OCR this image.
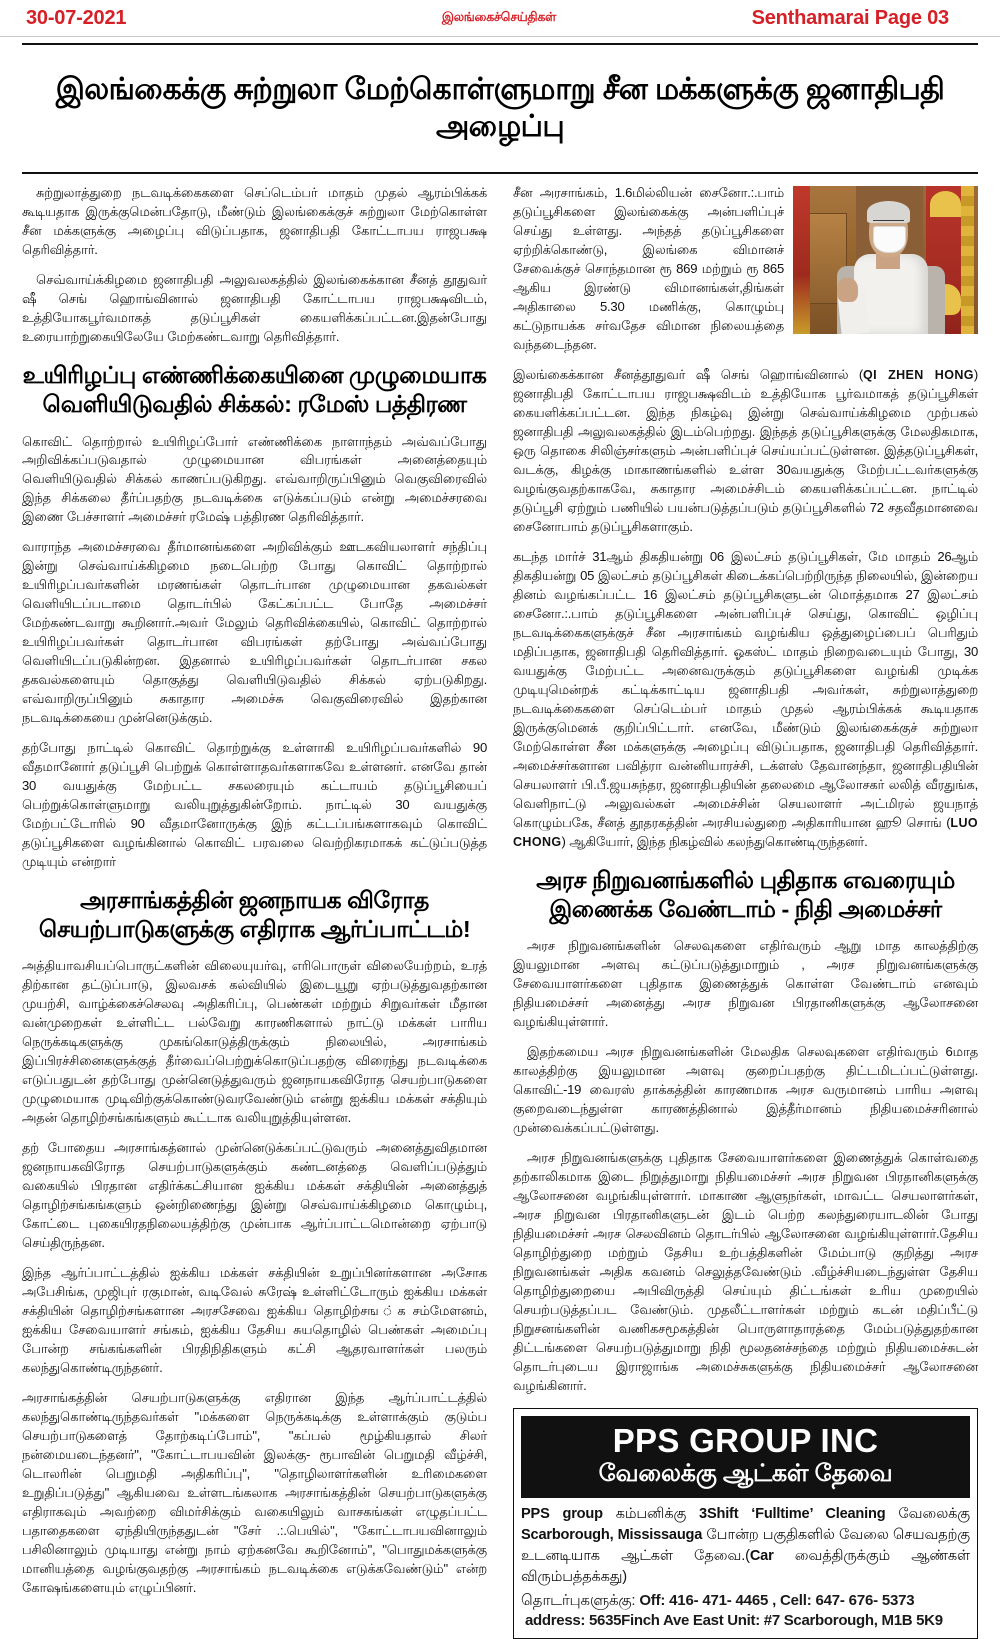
30-07-2021	இலங்கைச்செய்திகள்	Senthamarai Page 03
இலங்கைக்கு சுற்றுலா மேற்கொள்ளுமாறு சீன மக்களுக்கு ஜனாதிபதி அழைப்பு

சுற்றுலாத்துறை நடவடிக்கைகளை செப்டெம்பர் மாதம் முதல் ஆரம்பிக்கக் கூடியதாக இருக்குமென்பதோடு, மீண்டும் இலங்கைக்குச் சுற்றுலா மேற்கொள்ள சீன மக்களுக்கு அழைப்பு விடுப்பதாக, ஜனாதிபதி கோட்டாபய ராஜபக்ஷ தெரிவித்தார்.

செவ்வாய்க்கிழமை ஜனாதிபதி அலுவலகத்தில் இலங்கைக்கான சீனத் தூதுவர் ஷீ செங் ஹொங்வினால் ஜனாதிபதி கோட்டாபய ராஜபக்ஷவிடம், உத்தியோகபூர்வமாகத் தடுப்பூசிகள் கையளிக்கப்பட்டன.இதன்போது உரையாற்றுகையிலேயே மேற்கண்டவாறு தெரிவித்தார்.

உயிரிழப்பு எண்ணிக்கையினை முழுமையாக வெளியிடுவதில் சிக்கல்: ரமேஸ் பத்திரண

கொவிட் தொற்றால் உயிரிழப்போர் எண்ணிக்கை நாளாந்தம் அவ்வப்போது அறிவிக்கப்படுவதால் முழுமையான விபரங்கள் அனைத்தையும் வெளியிடுவதில் சிக்கல் காணப்படுகிறது. எவ்வாறிருப்பினும் வெகுவிரைவில் இந்த சிக்கலை தீர்ப்பதற்கு நடவடிக்கை எடுக்கப்படும் என்று அமைச்சரவை இணை பேச்சாளர் அமைச்சர் ரமேஷ் பத்திரண தெரிவித்தார்.

வாராந்த அமைச்சரவை தீர்மானங்களை அறிவிக்கும் ஊடகவியலாளர் சந்திப்பு இன்று செவ்வாய்க்கிழமை நடைபெற்ற போது கொவிட் தொற்றால் உயிரிழப்பவர்களின் மரணங்கள் தொடர்பான முழுமையான தகவல்கள் வெளியிடப்படாமை தொடர்பில் கேட்கப்பட்ட போதே அமைச்சர் மேற்கண்டவாறு கூறினார்.அவர் மேலும் தெரிவிக்கையில், கொவிட் தொற்றால் உயிரிழப்பவர்கள் தொடர்பான விபரங்கள் தற்போது அவ்வப்போது வெளியிடப்படுகின்றன. இதனால் உயிரிழப்பவர்கள் தொடர்பான சகல தகவல்களையும் தொகுத்து வெளியிடுவதில் சிக்கல் ஏற்படுகிறது. எவ்வாறிருப்பினும் சுகாதார அமைச்சு வெகுவிரைவில் இதற்கான நடவடிக்கையை முன்னெடுக்கும்.

தற்போது நாட்டில் கொவிட் தொற்றுக்கு உள்ளாகி உயிரிழப்பவர்களில் 90 வீதமானோர் தடுப்பூசி பெற்றுக் கொள்ளாதவர்களாகவே உள்ளனர். எனவே தான் 30 வயதுக்கு மேற்பட்ட சகலரையும் கட்டாயம் தடுப்பூசியைப் பெற்றுக்கொள்ளுமாறு வலியுறுத்துகின்றோம். நாட்டில் 30 வயதுக்கு மேற்பட்டோரில் 90 வீதமானோருக்கு இந் கட்டப்பங்களாகவும் கொவிட் தடுப்பூசிகளை வழங்கினால் கொவிட் பரவலை வெற்றிகரமாகக் கட்டுப்படுத்த முடியும் என்றார்

அரசாங்கத்தின் ஜனநாயக விரோத செயற்பாடுகளுக்கு எதிராக ஆர்ப்பாட்டம்!

அத்தியாவசியப்பொருட்களின் விலையுயர்வு, எரிபொருள் விலையேற்றம், உரத் திற்கான தட்டுப்பாடு, இலவசக் கல்வியில் இடையூறு ஏற்படுத்துவதற்கான முயற்சி, வாழ்க்கைச்செலவு அதிகரிப்பு, பெண்கள் மற்றும் சிறுவர்கள் மீதான வன்முறைகள் உள்ளிட்ட பல்வேறு காரணிகளால் நாட்டு மக்கள் பாரிய நெருக்கடிகளுக்கு முகங்கொடுத்திருக்கும் நிலையில், அரசாங்கம் இப்பிரச்சினைகளுக்குத் தீர்வைப்பெற்றுக்கொடுப்பதற்கு விரைந்து நடவடிக்கை எடுப்பதுடன் தற்போது முன்னெடுத்துவரும் ஜனநாயகவிரோத செயற்பாடுகளை முழுமையாக முடிவிற்குக்கொண்டுவரவேண்டும் என்று ஐக்கிய மக்கள் சக்தியும் அதன் தொழிற்சங்கங்களும் கூட்டாக வலியுறுத்தியுள்ளன.

தற் போதைய அரசாங்கத்னால் முன்னெடுக்கப்பட்டுவரும் அனைத்துவிதமான ஜனநாயகவிரோத செயற்பாடுகளுக்கும் கண்டனத்தை வெளிப்படுத்தும் வகையில் பிரதான எதிர்க்கட்சியான ஐக்கிய மக்கள் சக்தியின் அனைத்துத் தொழிற்சங்கங்களும் ஒன்றிணைந்து இன்று செவ்வாய்க்கிழமை கொழும்பு, கோட்டை புகையிரதநிலையத்திற்கு முன்பாக ஆர்ப்பாட்டமொன்றை ஏற்பாடு செய்திருந்தன.

இந்த ஆர்ப்பாட்டத்தில் ஐக்கிய மக்கள் சக்தியின் உறுப்பினர்களான அசோக அபேசிங்க, முஜிபுர் ரகுமான், வடிவேல் சுரேஷ் உள்ளிட்டோரும் ஐக்கிய மக்கள் சக்தியின் தொழிற்சங்களான அரசசேவை ஐக்கிய தொழிற்சங ்க சம்மேளனம், ஐக்கிய சேவையாளர் சங்கம், ஐக்கிய தேசிய சுயதொழில் பெண்கள் அமைப்பு போன்ற சங்கங்களின் பிரதிநிதிகளும் கட்சி ஆதரவாளர்கள் பலரும் கலந்துகொண்டிருந்தனர்.

அரசாங்கத்தின் செயற்பாடுகளுக்கு எதிரான இந்த ஆர்ப்பாட்டத்தில் கலந்துகொண்டிருந்தவர்கள் "மக்களை நெருக்கடிக்கு உள்ளாக்கும் குடும்ப செயற்பாடுகளைத் தோற்கடிப்போம்", "கப்பல் மூழ்கியதால் சிலர் நன்மையடைந்தனர்", "கோட்டாபயவின் இலக்கு- ரூபாவின் பெறுமதி வீழ்ச்சி, டொலரின் பெறுமதி அதிகரிப்பு", "தொழிலாளர்களின் உரிமைகளை உறுதிப்படுத்து" ஆகியவை உள்ளடங்கலாக அரசாங்கத்தின் செயற்பாடுகளுக்கு எதிராகவும் அவற்றை விமர்சிக்கும் வகையிலும் வாசகங்கள் எழுதப்பட்ட பதாதைகளை ஏந்தியிருந்ததுடன் "சேர் .:.பெயில்", "கோட்டாபயவினாலும் பசிலினாலும் முடியாது என்று நாம் ஏற்கனவே கூறினோம்", "பொதுமக்களுக்கு மானியத்தை வழங்குவதற்கு அரசாங்கம் நடவடிக்கை எடுக்கவேண்டும்" என்ற கோஷங்களையும் எழுப்பினர்.

சீன அரசாங்கம், 1.6மில்லியன் சைனோ.:.பாம் தடுப்பூசிகளை இலங்கைக்கு அன்பளிப்புச் செய்து உள்ளது. அந்தத் தடுப்பூசிகளை ஏற்றிக்கொண்டு, இலங்கை விமானச் சேவைக்குச் சொந்தமான ரூ 869 மற்றும் ரூ 865 ஆகிய இரண்டு விமானங்கள்,திங்கள் அதிகாலை 5.30 மணிக்கு, கொழும்பு கட்டுநாயக்க சர்வதேச விமான நிலையத்தை வந்தடைந்தன.

இலங்கைக்கான சீனத்தூதுவர் ஷீ செங் ஹொங்வினால் (QI ZHEN HONG) ஜனாதிபதி கோட்டாபய ராஜபக்ஷவிடம் உத்தியோக பூர்வமாகத் தடுப்பூசிகள் கையளிக்கப்பட்டன. இந்த நிகழ்வு இன்று செவ்வாய்க்கிழமை முற்பகல் ஜனாதிபதி அலுவலகத்தில் இடம்பெற்றது. இந்தத் தடுப்பூசிகளுக்கு மேலதிகமாக, ஒரு தொகை சிலிஞ்சர்களும் அன்பளிப்புச் செய்யப்பட்டுள்ளன. இத்தடுப்பூசிகள், வடக்கு, கிழக்கு மாகாணங்களில் உள்ள 30வயதுக்கு மேற்பட்டவர்களுக்கு வழங்குவதற்காகவே, சுகாதார அமைச்சிடம் கையளிக்கப்பட்டன. நாட்டில் தடுப்பூசி ஏற்றும் பணியில் பயன்படுத்தப்படும் தடுப்பூசிகளில் 72 சதவீதமானவை சைனோபாம் தடுப்பூசிகளாகும்.

கடந்த மார்ச் 31ஆம் திகதியன்று 06 இலட்சம் தடுப்பூசிகள், மே மாதம் 26ஆம் திகதியன்று 05 இலட்சம் தடுப்பூசிகள் கிடைக்கப்பெற்றிருந்த நிலையில், இன்றைய தினம் வழங்கப்பட்ட 16 இலட்சம் தடுப்பூசிகளுடன் மொத்தமாக 27 இலட்சம் சைனோ.:.பாம் தடுப்பூசிகளை அன்பளிப்புச் செய்து, கொவிட் ஒழிப்பு நடவடிக்கைகளுக்குச் சீன அரசாங்கம் வழங்கிய ஒத்துழைப்பைப் பெரிதும் மதிப்பதாக, ஜனாதிபதி தெரிவித்தார். ஓகஸ்ட் மாதம் நிறைவடையும் போது, 30 வயதுக்கு மேற்பட்ட அனைவருக்கும் தடுப்பூசிகளை வழங்கி முடிக்க முடியுமென்றக் கட்டிக்காட்டிய ஜனாதிபதி அவர்கள், சுற்றுலாத்துறை நடவடிக்கைகளை செப்டெம்பர் மாதம் முதல் ஆரம்பிக்கக் கூடியதாக இருக்குமெனக் குறிப்பிட்டார். எனவே, மீண்டும் இலங்கைக்குச் சுற்றுலா மேற்கொள்ள சீன மக்களுக்கு அழைப்பு விடுப்பதாக, ஜனாதிபதி தெரிவித்தார். அமைச்சர்களான பவித்ரா வன்னியாரச்சி, டக்ளஸ் தேவானந்தா, ஜனாதிபதியின் செயலாளர் பி.பீ.ஜயசுந்தர, ஜனாதிபதியின் தலைமை ஆலோசகர் லலித் வீரதுங்க, வெளிநாட்டு அலுவல்கள் அமைச்சின் செயலாளர் அட்மிரல் ஜயநாத் கொழும்பகே, சீனத் தூதரகத்தின் அரசியல்துறை அதிகாரியான ஹூ சொங் (LUO CHONG) ஆகியோர், இந்த நிகழ்வில் கலந்துகொண்டிருந்தனர்.

அரச நிறுவனங்களில் புதிதாக எவரையும் இணைக்க வேண்டாம் - நிதி அமைச்சர்

அரச நிறுவனங்களின் செலவுகளை எதிர்வரும் ஆறு மாத காலத்திற்கு இயலுமான அளவு கட்டுப்படுத்துமாறும் , அரச நிறுவனங்களுக்கு சேவையாளர்களை புதிதாக இணைத்துக் கொள்ள வேண்டாம் எனவும் நிதியமைச்சர் அனைத்து அரச நிறுவன பிரதானிகளுக்கு ஆலோசனை வழங்கியுள்ளார்.

இதற்கமைய அரச நிறுவனங்களின் மேலதிக செலவுகளை எதிர்வரும் 6மாத காலத்திற்கு இயலுமான அளவு குறைப்பதற்கு திட்டமிடப்பட்டுள்ளது. கொவிட்-19 வைரஸ் தாக்கத்தின் காரணமாக அரச வருமானம் பாரிய அளவு குறைவடைந்துள்ள காரணத்தினால் இத்தீர்மானம் நிதியமைச்சரினால் முன்வைக்கப்பட்டுள்ளது.

அரச நிறுவனங்களுக்கு புதிதாக சேவையாளர்களை இணைத்துக் கொள்வதை தற்காலிகமாக இடை நிறுத்துமாறு நிதியமைச்சர் அரச நிறுவன பிரதானிகளுக்கு ஆலோசனை வழங்கியுள்ளார். மாகாண ஆளுநர்கள், மாவட்ட செயலாளர்கள், அரச நிறுவன பிரதானிகளுடன் இடம் பெற்ற கலந்துரையாடலின் போது நிதியமைச்சர் அரச செலவினம் தொடர்பில் ஆலோசனை வழங்கியுள்ளார்.தேசிய தொழிற்துறை மற்றும் தேசிய உற்பத்திகளின் மேம்பாடு குறித்து அரச நிறுவனங்கள் அதிக கவனம் செலுத்தவேண்டும் .வீழ்ச்சியடைந்துள்ள தேசிய தொழிற்துறையை அபிவிருத்தி செய்யும் திட்டங்கள் உரிய முறையில் செயற்படுத்தப்பட வேண்டும். முதலீட்டாளர்கள் மற்றும் கடன் மதிப்பீட்டு நிறுசனங்களின் வணிகசமூகத்தின் பொருளாதாரத்தை மேம்படுத்துதற்கான திட்டங்களை செயற்படுத்துமாறு நிதி மூலதனச்சந்தை மற்றும் நிதியமைச்சுடன் தொடர்புடைய இராஜாங்க அமைச்சுகளுக்கு நிதியமைச்சர் ஆலோசனை வழங்கினார்.

PPS GROUP INC
வேலைக்கு ஆட்கள் தேவை
PPS group கம்பனிக்கு 3Shift ‘Fulltime’ Cleaning வேலைக்கு Scarborough, Mississauga போன்ற பகுதிகளில் வேலை செயவதற்கு உடனடியாக ஆட்கள் தேவை.(Car வைத்திருக்கும் ஆண்கள் விரும்பத்தக்கது)
தொடர்புகளுக்கு: Off: 416- 471- 4465 , Cell: 647- 676- 5373
address: 5635Finch Ave East Unit: #7 Scarborough, M1B 5K9
